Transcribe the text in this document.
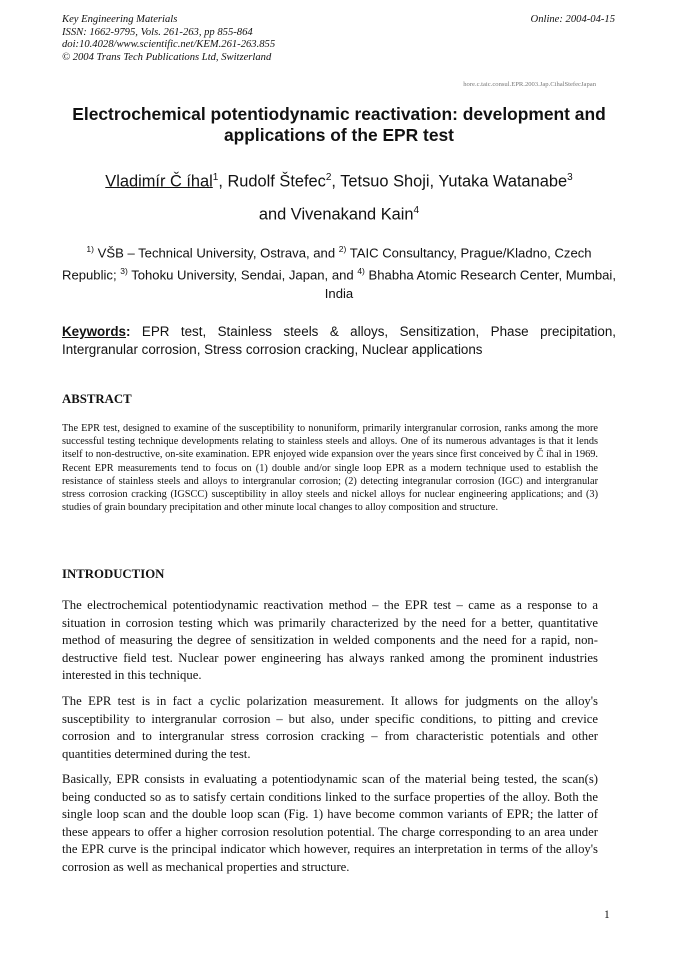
Key Engineering Materials
ISSN: 1662-9795, Vols. 261-263, pp 855-864
doi:10.4028/www.scientific.net/KEM.261-263.855
© 2004 Trans Tech Publications Ltd, Switzerland
Online: 2004-04-15
hore.c.taic.consul.EPR.2003.Jap.CihalStefecJapan
Electrochemical potentiodynamic reactivation: development and applications of the EPR test
Vladimír Č íhal$^1$, Rudolf Štefec$^2$, Tetsuo Shoji, Yutaka Watanabe$^3$
and Vivenakand Kain$^4$
$^{1)}$ VŠB – Technical University, Ostrava, and $^{2)}$ TAIC Consultancy, Prague/Kladno, Czech Republic; $^{3)}$ Tohoku University, Sendai, Japan, and $^{4)}$ Bhabha Atomic Research Center, Mumbai, India
Keywords: EPR test, Stainless steels & alloys, Sensitization, Phase precipitation, Intergranular corrosion, Stress corrosion cracking, Nuclear applications
ABSTRACT
The EPR test, designed to examine of the susceptibility to nonuniform, primarily intergranular corrosion, ranks among the more successful testing technique developments relating to stainless steels and alloys. One of its numerous advantages is that it lends itself to non-destructive, on-site examination. EPR enjoyed wide expansion over the years since first conceived by Č íhal in 1969. Recent EPR measurements tend to focus on (1) double and/or single loop EPR as a modern technique used to establish the resistance of stainless steels and alloys to intergranular corrosion; (2) detecting integranular corrosion (IGC) and intergranular stress corrosion cracking (IGSCC) susceptibility in alloy steels and nickel alloys for nuclear engineering applications; and (3) studies of grain boundary precipitation and other minute local changes to alloy composition and structure.
INTRODUCTION

The electrochemical potentiodynamic reactivation method – the EPR test – came as a response to a situation in corrosion testing which was primarily characterized by the need for a better, quantitative method of measuring the degree of sensitization in welded components and the need for a rapid, non-destructive field test. Nuclear power engineering has always ranked among the prominent industries interested in this technique.

The EPR test is in fact a cyclic polarization measurement. It allows for judgments on the alloy's susceptibility to intergranular corrosion – but also, under specific conditions, to pitting and crevice corrosion and to intergranular stress corrosion cracking – from characteristic potentials and other quantities determined during the test.

Basically, EPR consists in evaluating a potentiodynamic scan of the material being tested, the scan(s) being conducted so as to satisfy certain conditions linked to the surface properties of the alloy. Both the single loop scan and the double loop scan (Fig. 1) have become common variants of EPR; the latter of these appears to offer a higher corrosion resolution potential. The charge corresponding to an area under the EPR curve is the principal indicator which however, requires an interpretation in terms of the alloy's corrosion as well as mechanical properties and structure.

1
